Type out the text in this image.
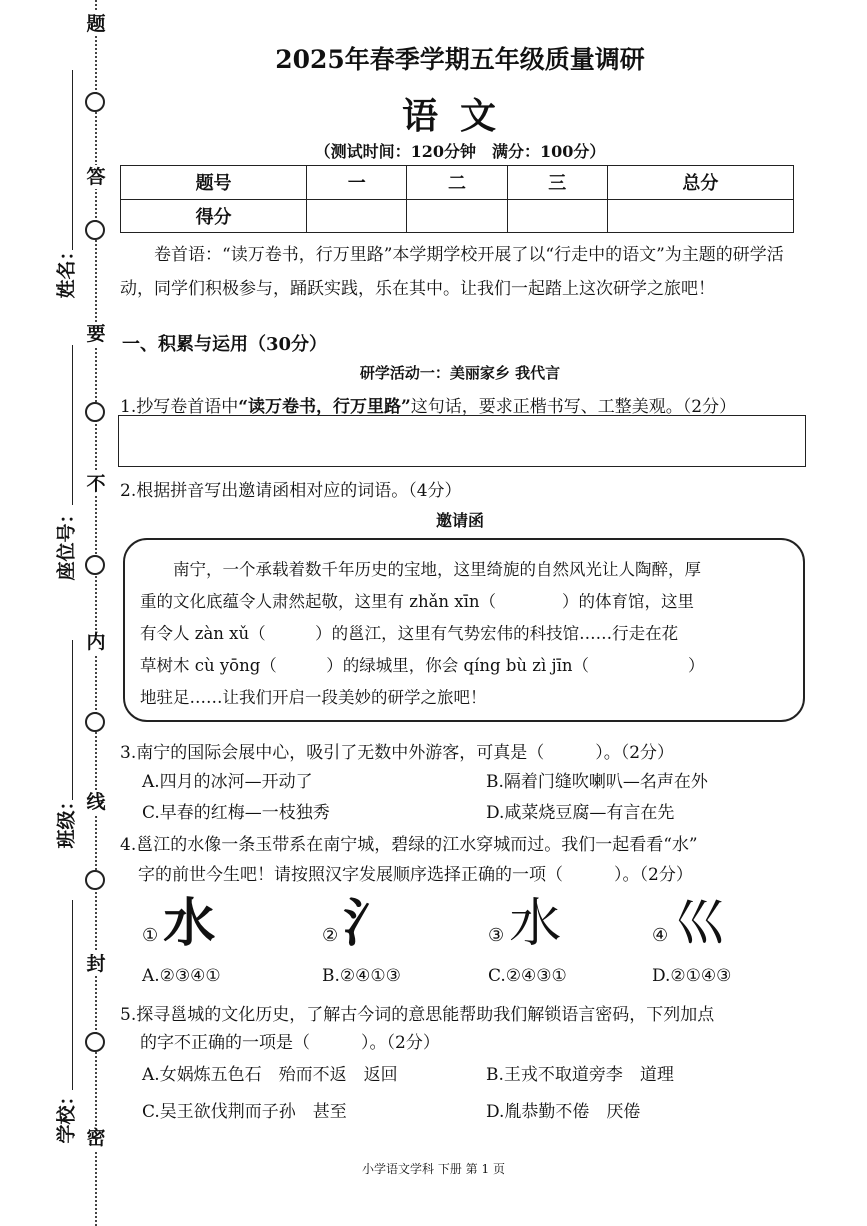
题
答
要
不
内
线
封
密
姓名：
座位号：
班级：
学校：
2025年春季学期五年级质量调研
语文
（测试时间：120分钟　满分：100分）
题号	一	二	三	总分
得分				
卷首语：“读万卷书，行万里路”本学期学校开展了以“行走中的语文”为主题的研学活动，同学们积极参与，踊跃实践，乐在其中。让我们一起踏上这次研学之旅吧！
一、积累与运用（30分）
研学活动一：美丽家乡 我代言
1.抄写卷首语中“读万卷书，行万里路”这句话，要求正楷书写、工整美观。（2分）
2.根据拼音写出邀请函相对应的词语。（4分）
邀请函
南宁，一个承载着数千年历史的宝地，这里绮旎的自然风光让人陶醉，厚
重的文化底蕴令人肃然起敬，这里有 zhǎn xīn（　　　　）的体育馆，这里
有令人 zàn xǔ（　　　）的邕江，这里有气势宏伟的科技馆……行走在花
草树木 cù yōng（　　　）的绿城里，你会 qíng bù zì jīn（　　　　　　）
地驻足……让我们开启一段美妙的研学之旅吧！
3.南宁的国际会展中心，吸引了无数中外游客，可真是（　　　）。（2分）
A.四月的冰河—开动了	B.隔着门缝吹喇叭—名声在外
C.早春的红梅—一枝独秀	D.咸菜烧豆腐—有言在先
4.邕江的水像一条玉带系在南宁城，碧绿的江水穿城而过。我们一起看看“水”
字的前世今生吧！请按照汉字发展顺序选择正确的一项（　　　）。（2分）
① 水	② 氵	③ 水	④ 巛
A.②③④①	B.②④①③	C.②④③①	D.②①④③
5.探寻邕城的文化历史，了解古今词的意思能帮助我们解锁语言密码，下列加点
的字不正确的一项是（　　　）。（2分）
A.女娲炼五色石　殆而不返　返回	B.王戎不取道旁李　道理
C.吴王欲伐荆而子孙　甚至	D.胤恭勤不倦　厌倦
小学语文学科 下册 第 1 页
